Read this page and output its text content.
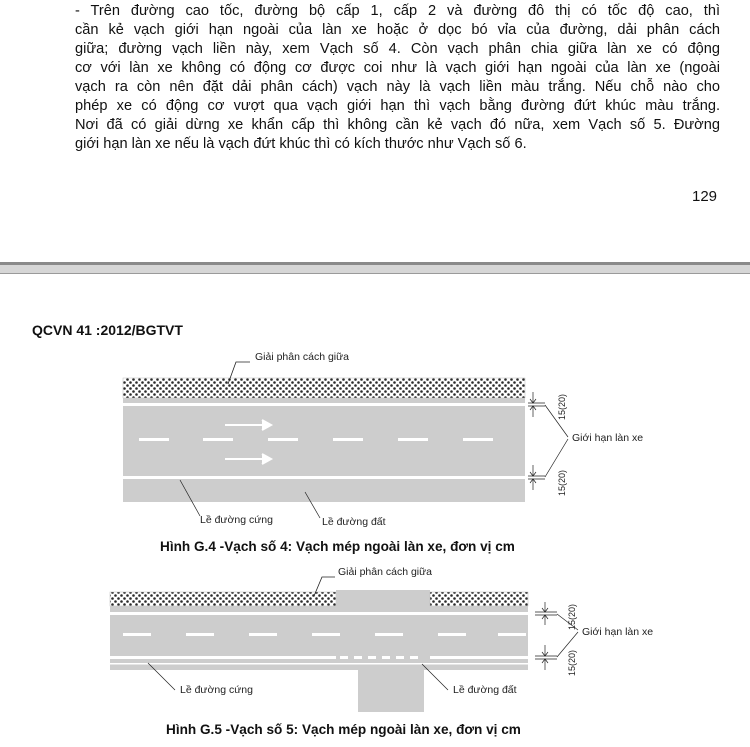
- Trên đường cao tốc, đường bộ cấp 1, cấp 2 và đường đô thị có tốc độ cao, thì
cần kẻ vạch giới hạn ngoài của làn xe hoặc ở dọc bó vỉa của đường, dải phân cách
giữa; đường vạch liền này, xem Vạch số 4. Còn vạch phân chia giữa làn xe có động
cơ với làn xe không có động cơ được coi như là vạch giới hạn ngoài của làn xe (ngoài
vạch ra còn nên đặt dải phân cách) vạch này là vạch liền màu trắng. Nếu chỗ nào cho
phép xe có động cơ vượt qua vạch giới hạn thì vạch bằng đường đứt khúc màu trắng.
Nơi đã có giải dừng xe khẩn cấp thì không cần kẻ vạch đó nữa, xem Vạch số 5. Đường
giới hạn làn xe nếu là vạch đứt khúc thì có kích thước như Vạch số 6.
129
QCVN 41 :2012/BGTVT
Giải phân cách giữa
15(20)
15(20)
Giới hạn làn xe
Lề đường cứng	Lề đường đất
Giải phân cách giữa
15(20)
15(20)
Giới hạn làn xe
Lề đường cứng	Lề đường đất
Hình G.4 -Vạch số 4: Vạch mép ngoài làn xe, đơn vị cm
Hình G.5 -Vạch số 5: Vạch mép ngoài làn xe, đơn vị cm
